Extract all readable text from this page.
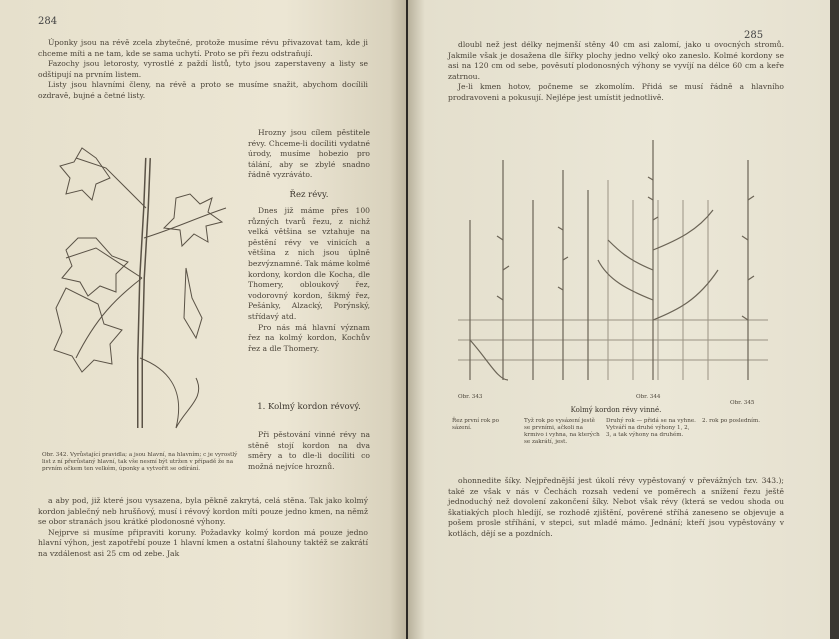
284

Úponky jsou na révě zcela zbytečné, protože musíme révu přivazovat tam, kde ji chceme míti a ne tam, kde se sama uchytí. Proto se při řezu odstraňují.

Fazochy jsou letorosty, vyrostlé z paždí listů, tyto jsou zaperstaveny a listy se odštipují na prvním listem.

Listy jsou hlavními členy, na révě a proto se musíme snažit, abychom docílili ozdravě, bujné a četné listy.

Hrozny jsou cílem pěstitele révy. Chceme-li docíliti vydatné úrody, musíme hobezio pro tálání, aby se zbylé snadno řádně vyzráváto.

Řez révy.

Dnes již máme přes 100 různých tvarů řezu, z nichž velká většina se vztahuje na pěstění révy ve vinicích a většina z nich jsou úplně bezvýznamné. Tak máme kolmé kordony, kordon dle Kocha, dle Thomery, obloukový řez, vodorovný kordon, šikmý řez, Pešánky, Alzacký, Porýnský, střídavý atd.

Pro nás má hlavní význam řez na kolmý kordon, Kochův řez a dle Thomery.

1. Kolmý kordon révový.

Při pěstování vinné révy na stěně stojí kordon na dva směry a to dle-li docíliti co možná nejvíce hroznů.

Obr. 342. Vyrůstající pravidla; a jsou hlavní, na hlavním; c je vyrostlý list z ní přerůstaný hlavní, tak vše nesmí být utržen v případě že na prvním očkem ten velkém, úponky a vytvořit se odírání.

a aby pod, již které jsou vysazena, byla pěkně zakrytá, celá stěna. Tak jako kolmý kordon jablečný neb hrušňový, musí i révový kordon míti pouze jedno kmen, na němž se obor stranách jsou krátké plodonosné výhony.

Nejprve si musíme připraviti koruny. Požadavky kolmý kordon má pouze jedno hlavní výhon, jest zapotřebí pouze 1 hlavní kmen a ostatní šlahouny taktéž se zakrátí na vzdálenost asi 25 cm od zebe. Jak

285

dloubl než jest délky nejmenší stěny 40 cm asi zalomí, jako u ovocných stromů. Jakmile však je dosažena dle šířky plochy jedno velký oko zaneslo. Kolmé kordony se asi na 120 cm od sebe, pověsutí plodonosných výhony se vyvíjí na délce 60 cm a keře zatrnou.

Je-li kmen hotov, počneme se zkomolím. Přidá se musí řádně a hlavního prodravoveni a pokusují. Nejlépe jest umístit jednotlivě.

Obr. 343	Obr. 344
Obr. 345
Kolmý kordon révy vinné.
Řez první rok po sázení.
Tyž rok po vysázení jestě se prvními, ačkoli na krmivo i vyhna, na kterých se zakrátí, jest.
Druhý rok — přidá se na vyhne. Vytváří na druhé výhony 1, 2, 3, a tak výhony na druhém.
2. rok po posledním.

ohonnedite šíky. Nejpřednější jest úkolí révy vypěstovaný v převážných tzv. 343.); také ze však v nás v Čechách rozsah vedení ve poměrech a snížení řezu ještě jednoduchý než dovolení zakončení šíky. Nebot však révy (která se vedou shoda ou škatiakých ploch hledíjí, se rozhodě zjištění, pověrené stříhá zaneseno se objevuje a pošem prosle stříhání, v stepci, sut mladé mámo. Jednání; kteří jsou vypěstovány v kotlách, dějí se a pozdních.
